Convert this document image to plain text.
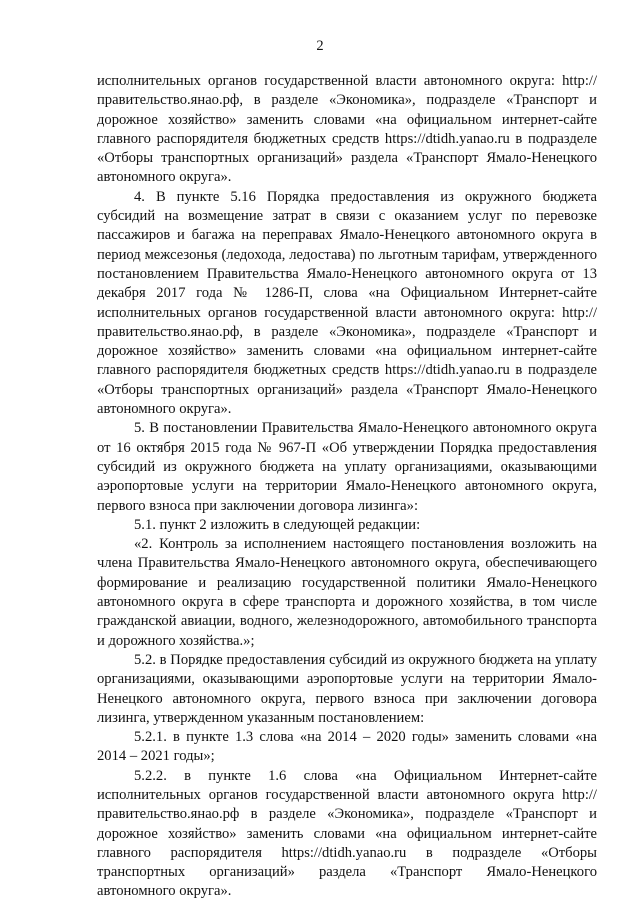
2

исполнительных органов государственной власти автономного округа: http://правительство.янао.рф, в разделе «Экономика», подразделе «Транспорт и дорожное хозяйство» заменить словами «на официальном интернет-сайте главного распорядителя бюджетных средств https://dtidh.yanao.ru в подразделе «Отборы транспортных организаций» раздела «Транспорт Ямало-Ненецкого автономного округа».

4. В пункте 5.16 Порядка предоставления из окружного бюджета субсидий на возмещение затрат в связи с оказанием услуг по перевозке пассажиров и багажа на переправах Ямало-Ненецкого автономного округа в период межсезонья (ледохода, ледостава) по льготным тарифам, утвержденного постановлением Правительства Ямало-Ненецкого автономного округа от 13 декабря 2017 года № 1286-П, слова «на Официальном Интернет-сайте исполнительных органов государственной власти автономного округа: http://правительство.янао.рф, в разделе «Экономика», подразделе «Транспорт и дорожное хозяйство» заменить словами «на официальном интернет-сайте главного распорядителя бюджетных средств https://dtidh.yanao.ru в подразделе «Отборы транспортных организаций» раздела «Транспорт Ямало-Ненецкого автономного округа».

5. В постановлении Правительства Ямало-Ненецкого автономного округа от 16 октября 2015 года № 967-П «Об утверждении Порядка предоставления субсидий из окружного бюджета на уплату организациями, оказывающими аэропортовые услуги на территории Ямало-Ненецкого автономного округа, первого взноса при заключении договора лизинга»:

5.1. пункт 2 изложить в следующей редакции:

«2. Контроль за исполнением настоящего постановления возложить на члена Правительства Ямало-Ненецкого автономного округа, обеспечивающего формирование и реализацию государственной политики Ямало-Ненецкого автономного округа в сфере транспорта и дорожного хозяйства, в том числе гражданской авиации, водного, железнодорожного, автомобильного транспорта и дорожного хозяйства.»;

5.2. в Порядке предоставления субсидий из окружного бюджета на уплату организациями, оказывающими аэропортовые услуги на территории Ямало-Ненецкого автономного округа, первого взноса при заключении договора лизинга, утвержденном указанным постановлением:

5.2.1. в пункте 1.3 слова «на 2014 – 2020 годы» заменить словами «на 2014 – 2021 годы»;

5.2.2. в пункте 1.6 слова «на Официальном Интернет-сайте исполнительных органов государственной власти автономного округа http://правительство.янао.рф в разделе «Экономика», подразделе «Транспорт и дорожное хозяйство» заменить словами «на официальном интернет-сайте главного распорядителя https://dtidh.yanao.ru в подразделе «Отборы транспортных организаций» раздела «Транспорт Ямало-Ненецкого автономного округа».
